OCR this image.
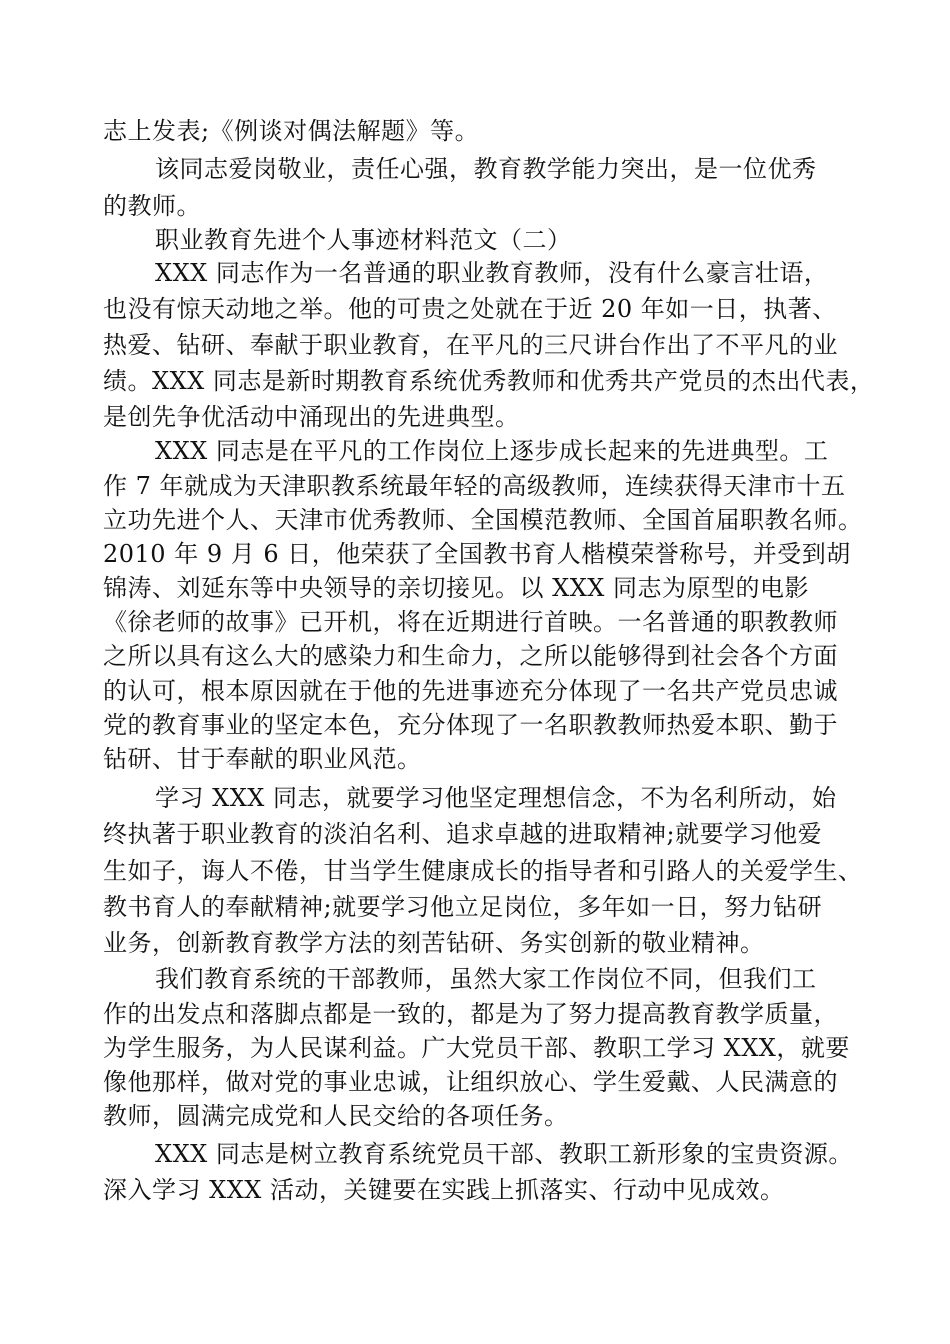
志上发表;《例谈对偶法解题》等。
该同志爱岗敬业，责任心强，教育教学能力突出，是一位优秀
的教师。
职业教育先进个人事迹材料范文（二）
XXX 同志作为一名普通的职业教育教师，没有什么豪言壮语，
也没有惊天动地之举。他的可贵之处就在于近 20 年如一日，执著、
热爱、钻研、奉献于职业教育，在平凡的三尺讲台作出了不平凡的业
绩。XXX 同志是新时期教育系统优秀教师和优秀共产党员的杰出代表，
是创先争优活动中涌现出的先进典型。
XXX 同志是在平凡的工作岗位上逐步成长起来的先进典型。工
作 7 年就成为天津职教系统最年轻的高级教师，连续获得天津市十五
立功先进个人、天津市优秀教师、全国模范教师、全国首届职教名师。
2010 年 9 月 6 日，他荣获了全国教书育人楷模荣誉称号，并受到胡
锦涛、刘延东等中央领导的亲切接见。以 XXX 同志为原型的电影
《徐老师的故事》已开机，将在近期进行首映。一名普通的职教教师
之所以具有这么大的感染力和生命力，之所以能够得到社会各个方面
的认可，根本原因就在于他的先进事迹充分体现了一名共产党员忠诚
党的教育事业的坚定本色，充分体现了一名职教教师热爱本职、勤于
钻研、甘于奉献的职业风范。
学习 XXX 同志，就要学习他坚定理想信念，不为名利所动，始
终执著于职业教育的淡泊名利、追求卓越的进取精神;就要学习他爱
生如子，诲人不倦，甘当学生健康成长的指导者和引路人的关爱学生、
教书育人的奉献精神;就要学习他立足岗位，多年如一日，努力钻研
业务，创新教育教学方法的刻苦钻研、务实创新的敬业精神。
我们教育系统的干部教师，虽然大家工作岗位不同，但我们工
作的出发点和落脚点都是一致的，都是为了努力提高教育教学质量，
为学生服务，为人民谋利益。广大党员干部、教职工学习 XXX，就要
像他那样，做对党的事业忠诚，让组织放心、学生爱戴、人民满意的
教师，圆满完成党和人民交给的各项任务。
XXX 同志是树立教育系统党员干部、教职工新形象的宝贵资源。
深入学习 XXX 活动，关键要在实践上抓落实、行动中见成效。
